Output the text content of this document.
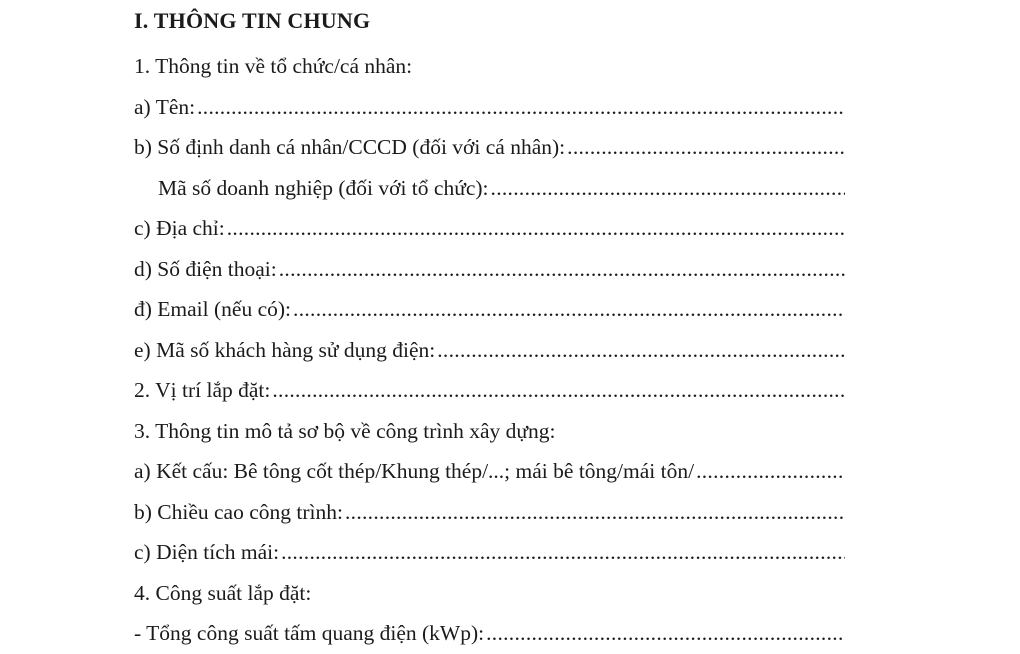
I. THÔNG TIN CHUNG
1. Thông tin về tổ chức/cá nhân:
a) Tên:
.....
b) Số định danh cá nhân/CCCD (đối với cá nhân):
.....
Mã số doanh nghiệp (đối với tổ chức):
.....
c) Địa chỉ:
.....
d) Số điện thoại:
.....
đ) Email (nếu có):
.....
e) Mã số khách hàng sử dụng điện:
.....
2. Vị trí lắp đặt:
.....
3. Thông tin mô tả sơ bộ về công trình xây dựng:
a) Kết cấu: Bê tông cốt thép/Khung thép/...; mái bê tông/mái tôn/
.....
b) Chiều cao công trình:
.....
c) Diện tích mái:
.....
4. Công suất lắp đặt:
- Tổng công suất tấm quang điện (kWp):
.....
